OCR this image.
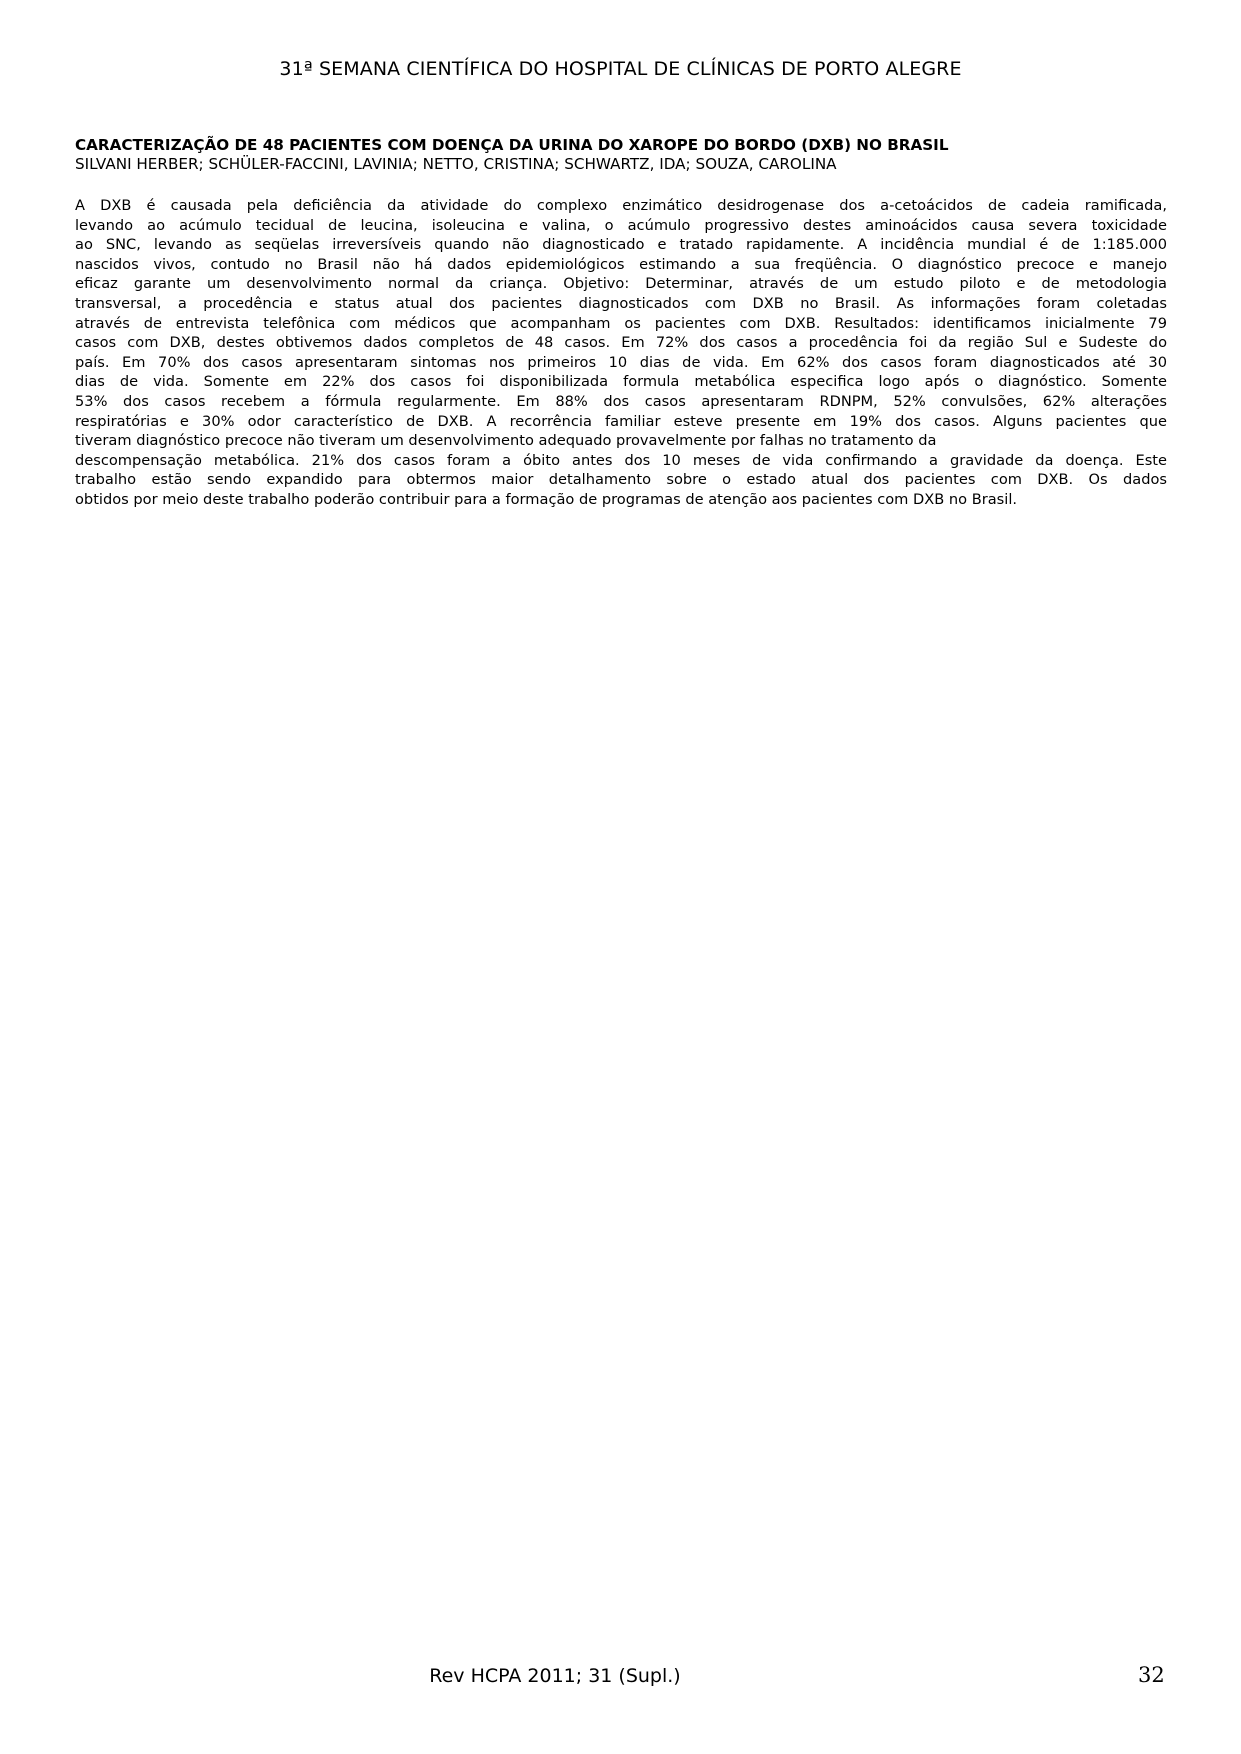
31ª SEMANA CIENTÍFICA DO HOSPITAL DE CLÍNICAS DE PORTO ALEGRE

CARACTERIZAÇÃO DE 48 PACIENTES COM DOENÇA DA URINA DO XAROPE DO BORDO (DXB) NO BRASIL

SILVANI HERBER; SCHÜLER-FACCINI, LAVINIA; NETTO, CRISTINA; SCHWARTZ, IDA; SOUZA, CAROLINA

A DXB é causada pela deficiência da atividade do complexo enzimático desidrogenase dos a-cetoácidos de cadeia ramificada,
levando ao acúmulo tecidual de leucina, isoleucina e valina, o acúmulo progressivo destes aminoácidos causa severa toxicidade
ao SNC, levando as seqüelas irreversíveis quando não diagnosticado e tratado rapidamente. A incidência mundial é de 1:185.000
nascidos vivos, contudo no Brasil não há dados epidemiológicos estimando a sua freqüência. O diagnóstico precoce e manejo
eficaz garante um desenvolvimento normal da criança. Objetivo: Determinar, através de um estudo piloto e de metodologia
transversal, a procedência e status atual dos pacientes diagnosticados com DXB no Brasil. As informações foram coletadas
através de entrevista telefônica com médicos que acompanham os pacientes com DXB. Resultados: identificamos inicialmente 79
casos com DXB, destes obtivemos dados completos de 48 casos. Em 72% dos casos a procedência foi da região Sul e Sudeste do
país. Em 70% dos casos apresentaram sintomas nos primeiros 10 dias de vida. Em 62% dos casos foram diagnosticados até 30
dias de vida. Somente em 22% dos casos foi disponibilizada formula metabólica especifica logo após o diagnóstico. Somente
53% dos casos recebem a fórmula regularmente. Em 88% dos casos apresentaram RDNPM, 52% convulsões, 62% alterações
respiratórias e 30% odor característico de DXB. A recorrência familiar esteve presente em 19% dos casos. Alguns pacientes que
tiveram diagnóstico precoce não tiveram um desenvolvimento adequado provavelmente por falhas no tratamento da
descompensação metabólica. 21% dos casos foram a óbito antes dos 10 meses de vida confirmando a gravidade da doença. Este
trabalho estão sendo expandido para obtermos maior detalhamento sobre o estado atual dos pacientes com DXB. Os dados
obtidos por meio deste trabalho poderão contribuir para a formação de programas de atenção aos pacientes com DXB no Brasil.
Rev HCPA 2011; 31 (Supl.)	32
